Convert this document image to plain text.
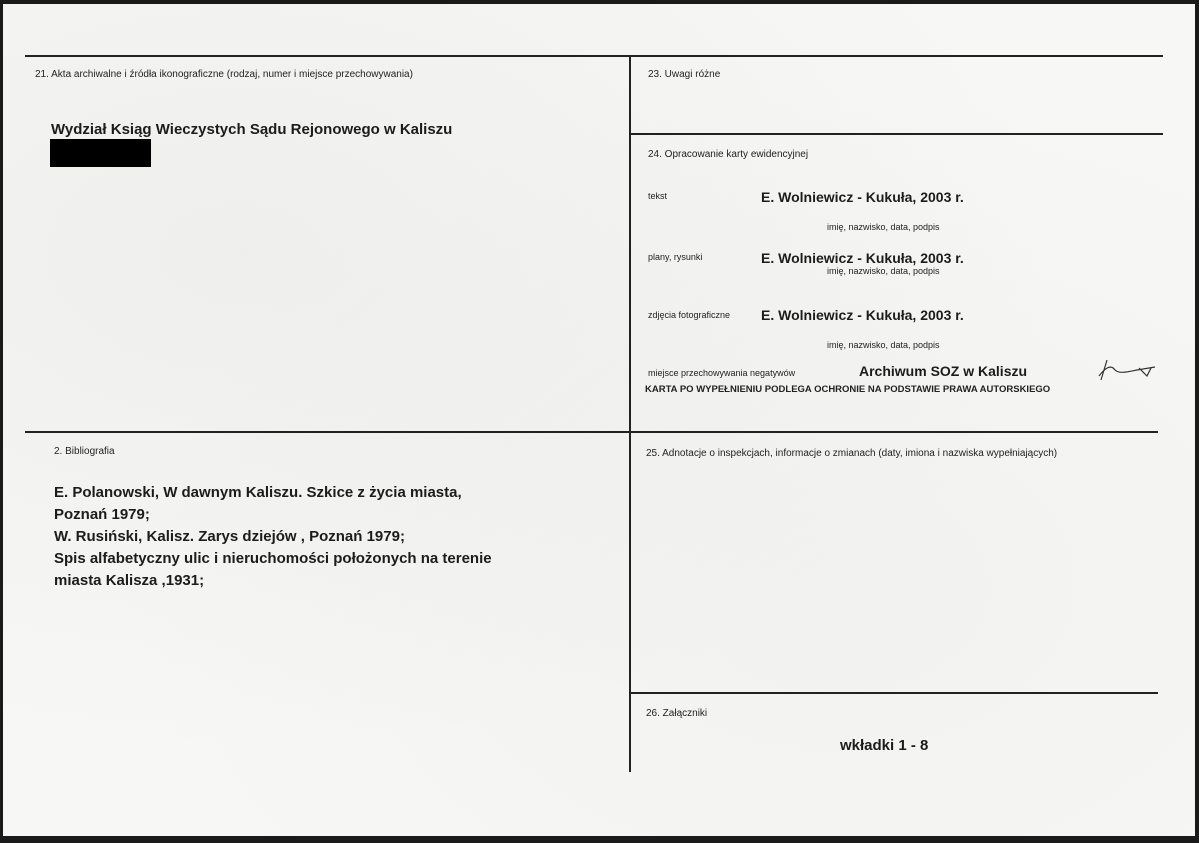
21. Akta archiwalne i źródła ikonograficzne (rodzaj, numer i miejsce przechowywania)
Wydział Ksiąg Wieczystych Sądu Rejonowego w Kaliszu
23. Uwagi różne
24. Opracowanie karty ewidencyjnej
tekst	E. Wolniewicz - Kukuła, 2003 r.
imię, nazwisko, data, podpis
plany, rysunki	E. Wolniewicz - Kukuła, 2003 r.
imię, nazwisko, data, podpis
zdjęcia fotograficzne E. Wolniewicz - Kukuła, 2003 r.
imię, nazwisko, data, podpis
miejsce przechowywania negatywów	Archiwum SOZ w Kaliszu
KARTA PO WYPEŁNIENIU PODLEGA OCHRONIE NA PODSTAWIE PRAWA AUTORSKIEGO
2. Bibliografia
E. Polanowski, W dawnym Kaliszu. Szkice z życia miasta,
Poznań 1979;
W. Rusiński, Kalisz. Zarys dziejów , Poznań 1979;
Spis alfabetyczny ulic i nieruchomości położonych na terenie
miasta Kalisza ,1931;
25. Adnotacje o inspekcjach, informacje o zmianach (daty, imiona i nazwiska wypełniających)
26. Załączniki
wkładki 1 - 8
